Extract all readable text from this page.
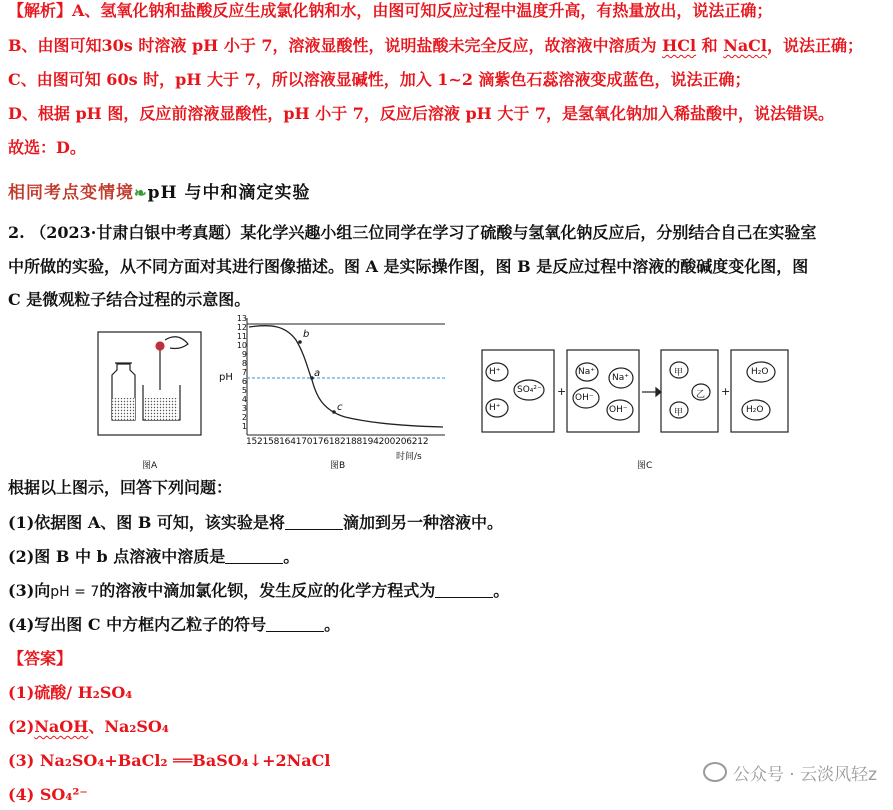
【解析】A、氢氧化钠和盐酸反应生成氯化钠和水，由图可知反应过程中温度升高，有热量放出，说法正确；
B、由图可知30s 时溶液 pH 小于 7，溶液显酸性，说明盐酸未完全反应，故溶液中溶质为 HCl 和 NaCl，说法正确；
C、由图可知 60s 时，pH 大于 7，所以溶液显碱性，加入 1~2 滴紫色石蕊溶液变成蓝色，说法正确；
D、根据 pH 图，反应前溶液显酸性，pH 小于 7，反应后溶液 pH 大于 7，是氢氧化钠加入稀盐酸中，说法错误。
故选：D。
相同考点变情境❧pH 与中和滴定实验
2. （2023·甘肃白银中考真题）某化学兴趣小组三位同学在学习了硫酸与氢氧化钠反应后，分别结合自己在实验室
中所做的实验，从不同方面对其进行图像描述。图 A 是实际操作图，图 B 是反应过程中溶液的酸碱度变化图，图
C 是微观粒子结合过程的示意图。
13
12
11
10
9
8
7
6
5
4
3
2
1
pH
152158164170176182188194200206212
时间/s
b
a
c
H⁺
SO₄²⁻
H⁺
Na⁺
Na⁺
OH⁻
OH⁻
甲
乙
甲
H₂O
H₂O
+	+
图A	图B	图C
根据以上图示，回答下列问题：
(1)依据图 A、图 B 可知，该实验是将	滴加到另一种溶液中。
(2)图 B 中 b 点溶液中溶质是	。
(3)向pH = 7的溶液中滴加氯化钡，发生反应的化学方程式为	。
(4)写出图 C 中方框内乙粒子的符号	。
【答案】
(1)硫酸/ H₂SO₄
(2)NaOH、Na₂SO₄
(3) Na₂SO₄+BaCl₂ ══BaSO₄↓+2NaCl
(4) SO₄²⁻
公众号 · 云淡风轻z
